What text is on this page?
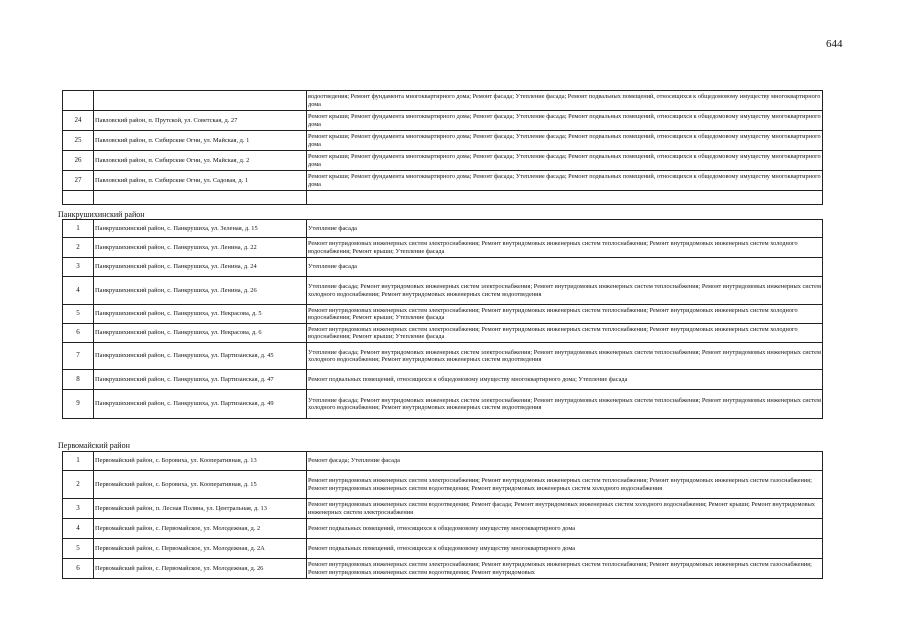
644
		водоотведения; Ремонт фундамента многоквартирного дома; Ремонт фасада; Утепление фасада; Ремонт подвальных помещений, относящихся к общедомовому имуществу многоквартирного дома
24	Павловский район, п. Прутской, ул. Советская, д. 27	Ремонт крыши; Ремонт фундамента многоквартирного дома; Ремонт фасада; Утепление фасада; Ремонт подвальных помещений, относящихся к общедомовому имуществу многоквартирного дома
25	Павловский район, п. Сибирские Огни, ул. Майская, д. 1	Ремонт крыши; Ремонт фундамента многоквартирного дома; Ремонт фасада; Утепление фасада; Ремонт подвальных помещений, относящихся к общедомовому имуществу многоквартирного дома
26	Павловский район, п. Сибирские Огни, ул. Майская, д. 2	Ремонт крыши; Ремонт фундамента многоквартирного дома; Ремонт фасада; Утепление фасада; Ремонт подвальных помещений, относящихся к общедомовому имуществу многоквартирного дома
27	Павловский район, п. Сибирские Огни, ул. Садовая, д. 1	Ремонт крыши; Ремонт фундамента многоквартирного дома; Ремонт фасада; Утепление фасада; Ремонт подвальных помещений, относящихся к общедомовому имуществу многоквартирного дома

Панкрушихинский район
1	Панкрушихинский район, с. Панкрушиха, ул. Зеленая, д. 15	Утепление фасада
2	Панкрушихинский район, с. Панкрушиха, ул. Ленина, д. 22	Ремонт внутридомовых инженерных систем электроснабжения; Ремонт внутридомовых инженерных систем теплоснабжения; Ремонт внутридомовых инженерных систем холодного водоснабжения; Ремонт крыши; Утепление фасада
3	Панкрушихинский район, с. Панкрушиха, ул. Ленина, д. 24	Утепление фасада
4	Панкрушихинский район, с. Панкрушиха, ул. Ленина, д. 26	Утепление фасада; Ремонт внутридомовых инженерных систем электроснабжения; Ремонт внутридомовых инженерных систем теплоснабжения; Ремонт внутридомовых инженерных систем холодного водоснабжения; Ремонт внутридомовых инженерных систем водоотведения
5	Панкрушихинский район, с. Панкрушиха, ул. Некрасова, д. 5	Ремонт внутридомовых инженерных систем электроснабжения; Ремонт внутридомовых инженерных систем теплоснабжения; Ремонт внутридомовых инженерных систем холодного водоснабжения; Ремонт крыши; Утепление фасада
6	Панкрушихинский район, с. Панкрушиха, ул. Некрасова, д. 6	Ремонт внутридомовых инженерных систем электроснабжения; Ремонт внутридомовых инженерных систем теплоснабжения; Ремонт внутридомовых инженерных систем холодного водоснабжения; Ремонт крыши; Утепление фасада
7	Панкрушихинский район, с. Панкрушиха, ул. Партизанская, д. 45	Утепление фасада; Ремонт внутридомовых инженерных систем электроснабжения; Ремонт внутридомовых инженерных систем теплоснабжения; Ремонт внутридомовых инженерных систем холодного водоснабжения; Ремонт внутридомовых инженерных систем водоотведения
8	Панкрушихинский район, с. Панкрушиха, ул. Партизанская, д. 47	Ремонт подвальных помещений, относящихся к общедомовому имуществу многоквартирного дома; Утепление фасада
9	Панкрушихинский район, с. Панкрушиха, ул. Партизанская, д. 49	Утепление фасада; Ремонт внутридомовых инженерных систем электроснабжения; Ремонт внутридомовых инженерных систем теплоснабжения; Ремонт внутридомовых инженерных систем холодного водоснабжения; Ремонт внутридомовых инженерных систем водоотведения
Первомайский район
1	Первомайский район, с. Боровиха, ул. Кооперативная, д. 13	Ремонт фасада; Утепление фасада
2	Первомайский район, с. Боровиха, ул. Кооперативная, д. 15	Ремонт внутридомовых инженерных систем электроснабжения; Ремонт внутридомовых инженерных систем теплоснабжения; Ремонт внутридомовых инженерных систем газоснабжения; Ремонт внутридомовых инженерных систем водоотведения; Ремонт внутридомовых инженерных систем холодного водоснабжения
3	Первомайский район, п. Лесная Поляна, ул. Центральная, д. 13	Ремонт внутридомовых инженерных систем водоотведения; Ремонт фасада; Ремонт внутридомовых инженерных систем холодного водоснабжения; Ремонт крыши; Ремонт внутридомовых инженерных систем электроснабжения
4	Первомайский район, с. Первомайское, ул. Молодежная, д. 2	Ремонт подвальных помещений, относящихся к общедомовому имуществу многоквартирного дома
5	Первомайский район, с. Первомайское, ул. Молодежная, д. 2А	Ремонт подвальных помещений, относящихся к общедомовому имуществу многоквартирного дома
6	Первомайский район, с. Первомайское, ул. Молодежная, д. 26	Ремонт внутридомовых инженерных систем электроснабжения; Ремонт внутридомовых инженерных систем теплоснабжения; Ремонт внутридомовых инженерных систем газоснабжения; Ремонт внутридомовых инженерных систем водоотведения; Ремонт внутридомовых
